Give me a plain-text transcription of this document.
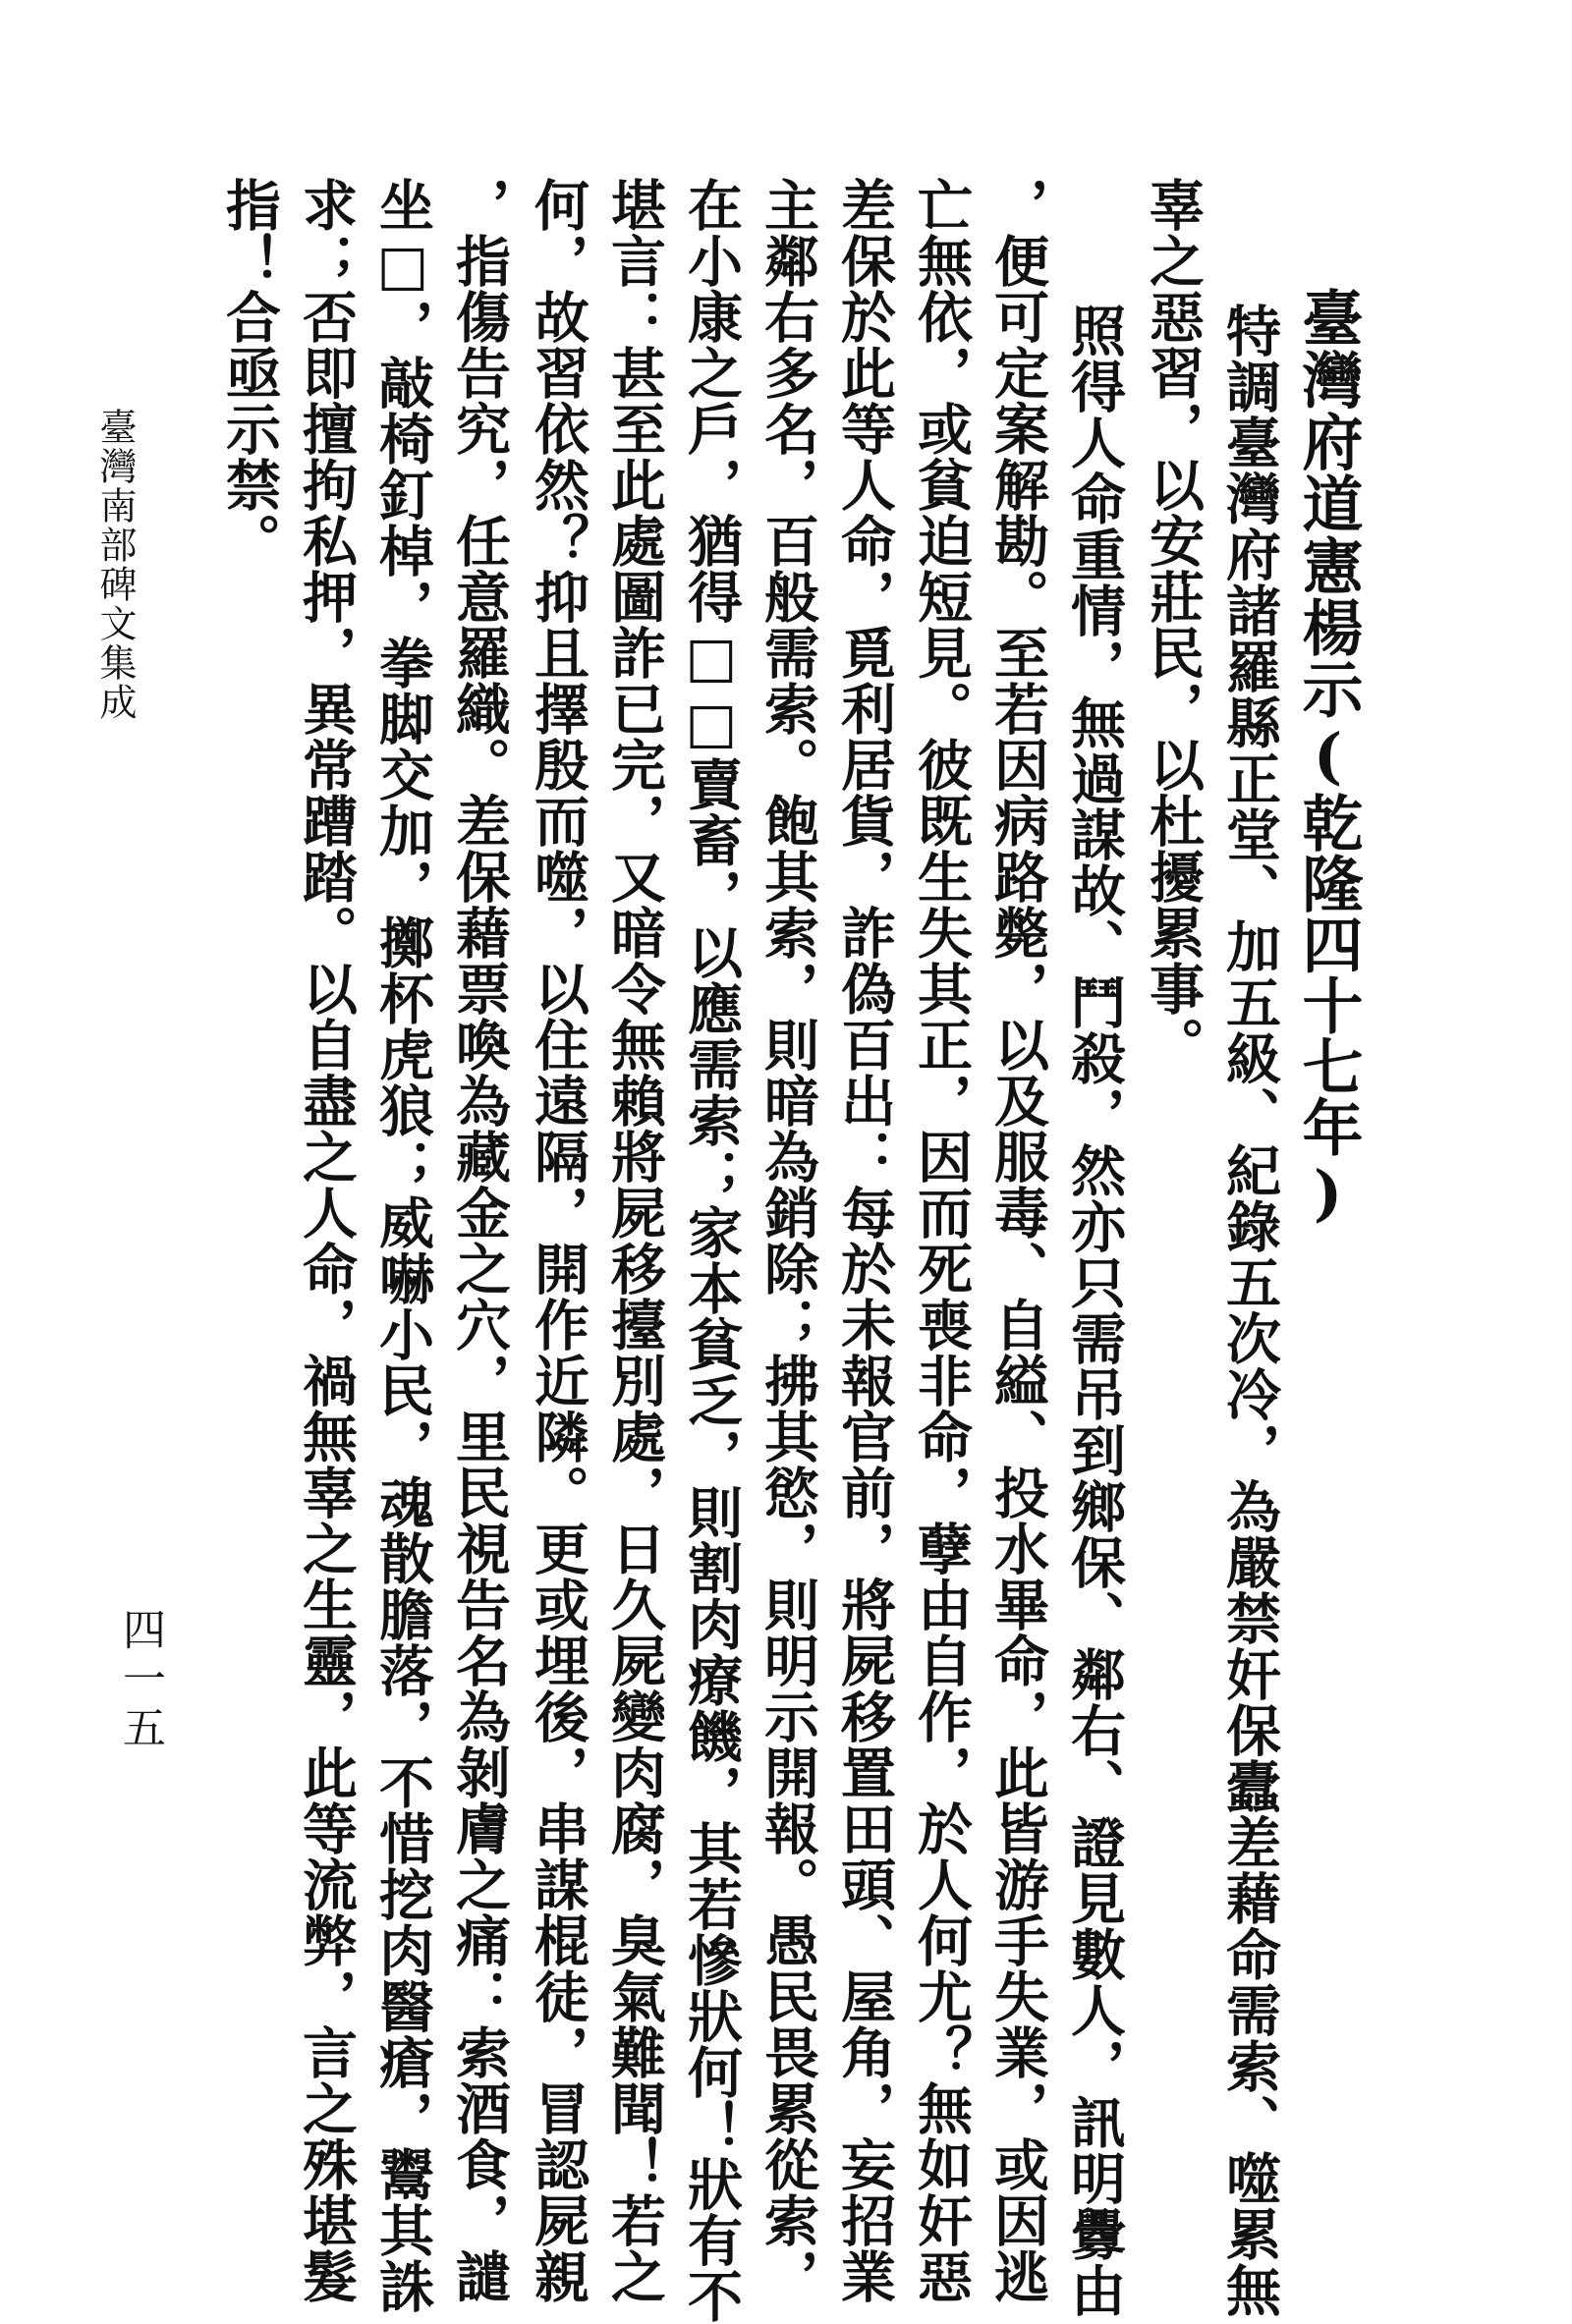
臺灣府道憲楊示(乾隆四十七年)
特調臺灣府諸羅縣正堂、加五級、紀錄五次冷，為嚴禁奸保蠹差藉命需索、噬累無
辜之惡習，以安莊民，以杜擾累事。
照得人命重情，無過謀故、鬥殺，然亦只需吊到鄉保、鄰右、證見數人，訊明釁由
，便可定案解勘。至若因病路斃，以及服毒、自縊、投水畢命，此皆游手失業，或因逃
亡無依，或貧迫短見。彼既生失其正，因而死喪非命，孽由自作，於人何尤？無如奸惡
差保於此等人命，覓利居貨，詐偽百出：每於未報官前，將屍移置田頭、屋角，妄招業
主鄰右多名，百般需索。飽其索，則暗為銷除；拂其慾，則明示開報。愚民畏累從索，
在小康之戶，猶得□□賣畜，以應需索；家本貧乏，則割肉療饑，其若慘狀何！狀有不
堪言：甚至此處圖詐已完，又暗令無賴將屍移擡別處，日久屍變肉腐，臭氣難聞！若之
何，故習依然？抑且擇殷而噬，以住遠隔，開作近隣。更或埋後，串謀棍徒，冒認屍親
，指傷告究，任意羅織。差保藉票喚為藏金之穴，里民視告名為剝膚之痛：索酒食，譴
坐□，敲椅釘棹，拳脚交加，擲杯虎狼；威嚇小民，魂散膽落，不惜挖肉醫瘡，鬻其誅
求；否即擅拘私押，異常蹧踏。以自盡之人命，禍無辜之生靈，此等流弊，言之殊堪髮
指！合亟示禁。
臺灣南部碑文集成
四一五
